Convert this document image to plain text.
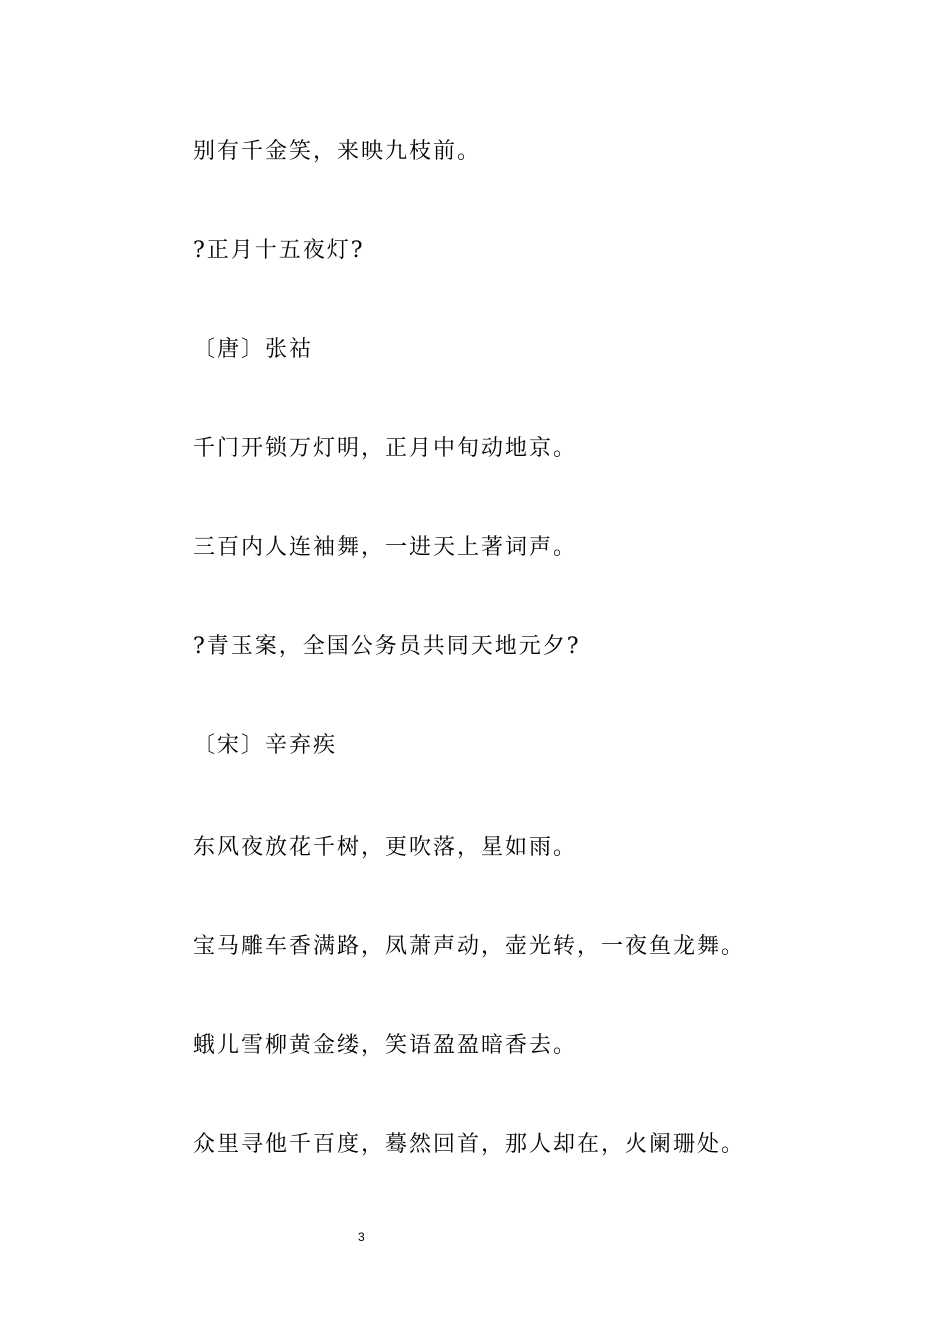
别有千金笑，来映九枝前。

?正月十五夜灯?

〔唐〕张祜

千门开锁万灯明，正月中旬动地京。

三百内人连袖舞，一进天上著词声。

?青玉案，全国公务员共同天地元夕?

〔宋〕辛弃疾

东风夜放花千树，更吹落，星如雨。

宝马雕车香满路，凤萧声动，壶光转，一夜鱼龙舞。

蛾儿雪柳黄金缕，笑语盈盈暗香去。

众里寻他千百度，蓦然回首，那人却在，火阑珊处。

3
